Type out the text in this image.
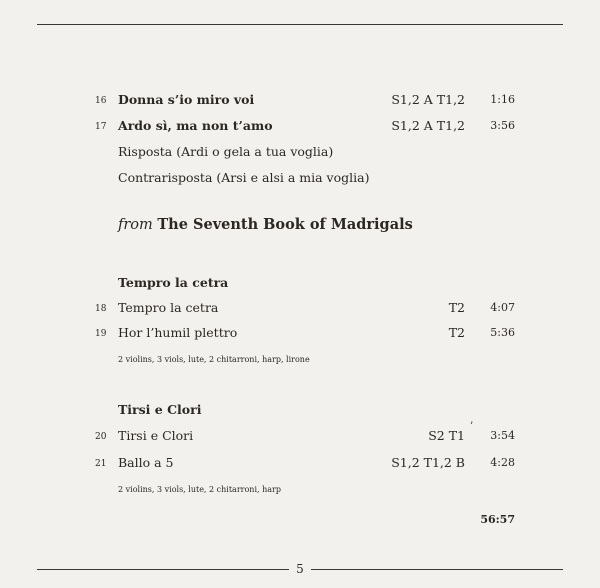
16 Donna s’io miro voi	S1,2 A T1,2 1:16
17 Ardo sì, ma non t’amo	S1,2 A T1,2 3:56
Risposta (Ardi o gela a tua voglia)
Contrarisposta (Arsi e alsi a mia voglia)
from The Seventh Book of Madrigals
Tempro la cetra
18 Tempro la cetra	T2 4:07
19 Hor l’humil plettro	T2 5:36
2 violins, 3 viols, lute, 2 chitarroni, harp, lirone
Tirsi e Clori
’
20 Tirsi e Clori	S2 T1 3:54
21 Ballo a 5	S1,2 T1,2 B 4:28
2 violins, 3 viols, lute, 2 chitarroni, harp
56:57
5
